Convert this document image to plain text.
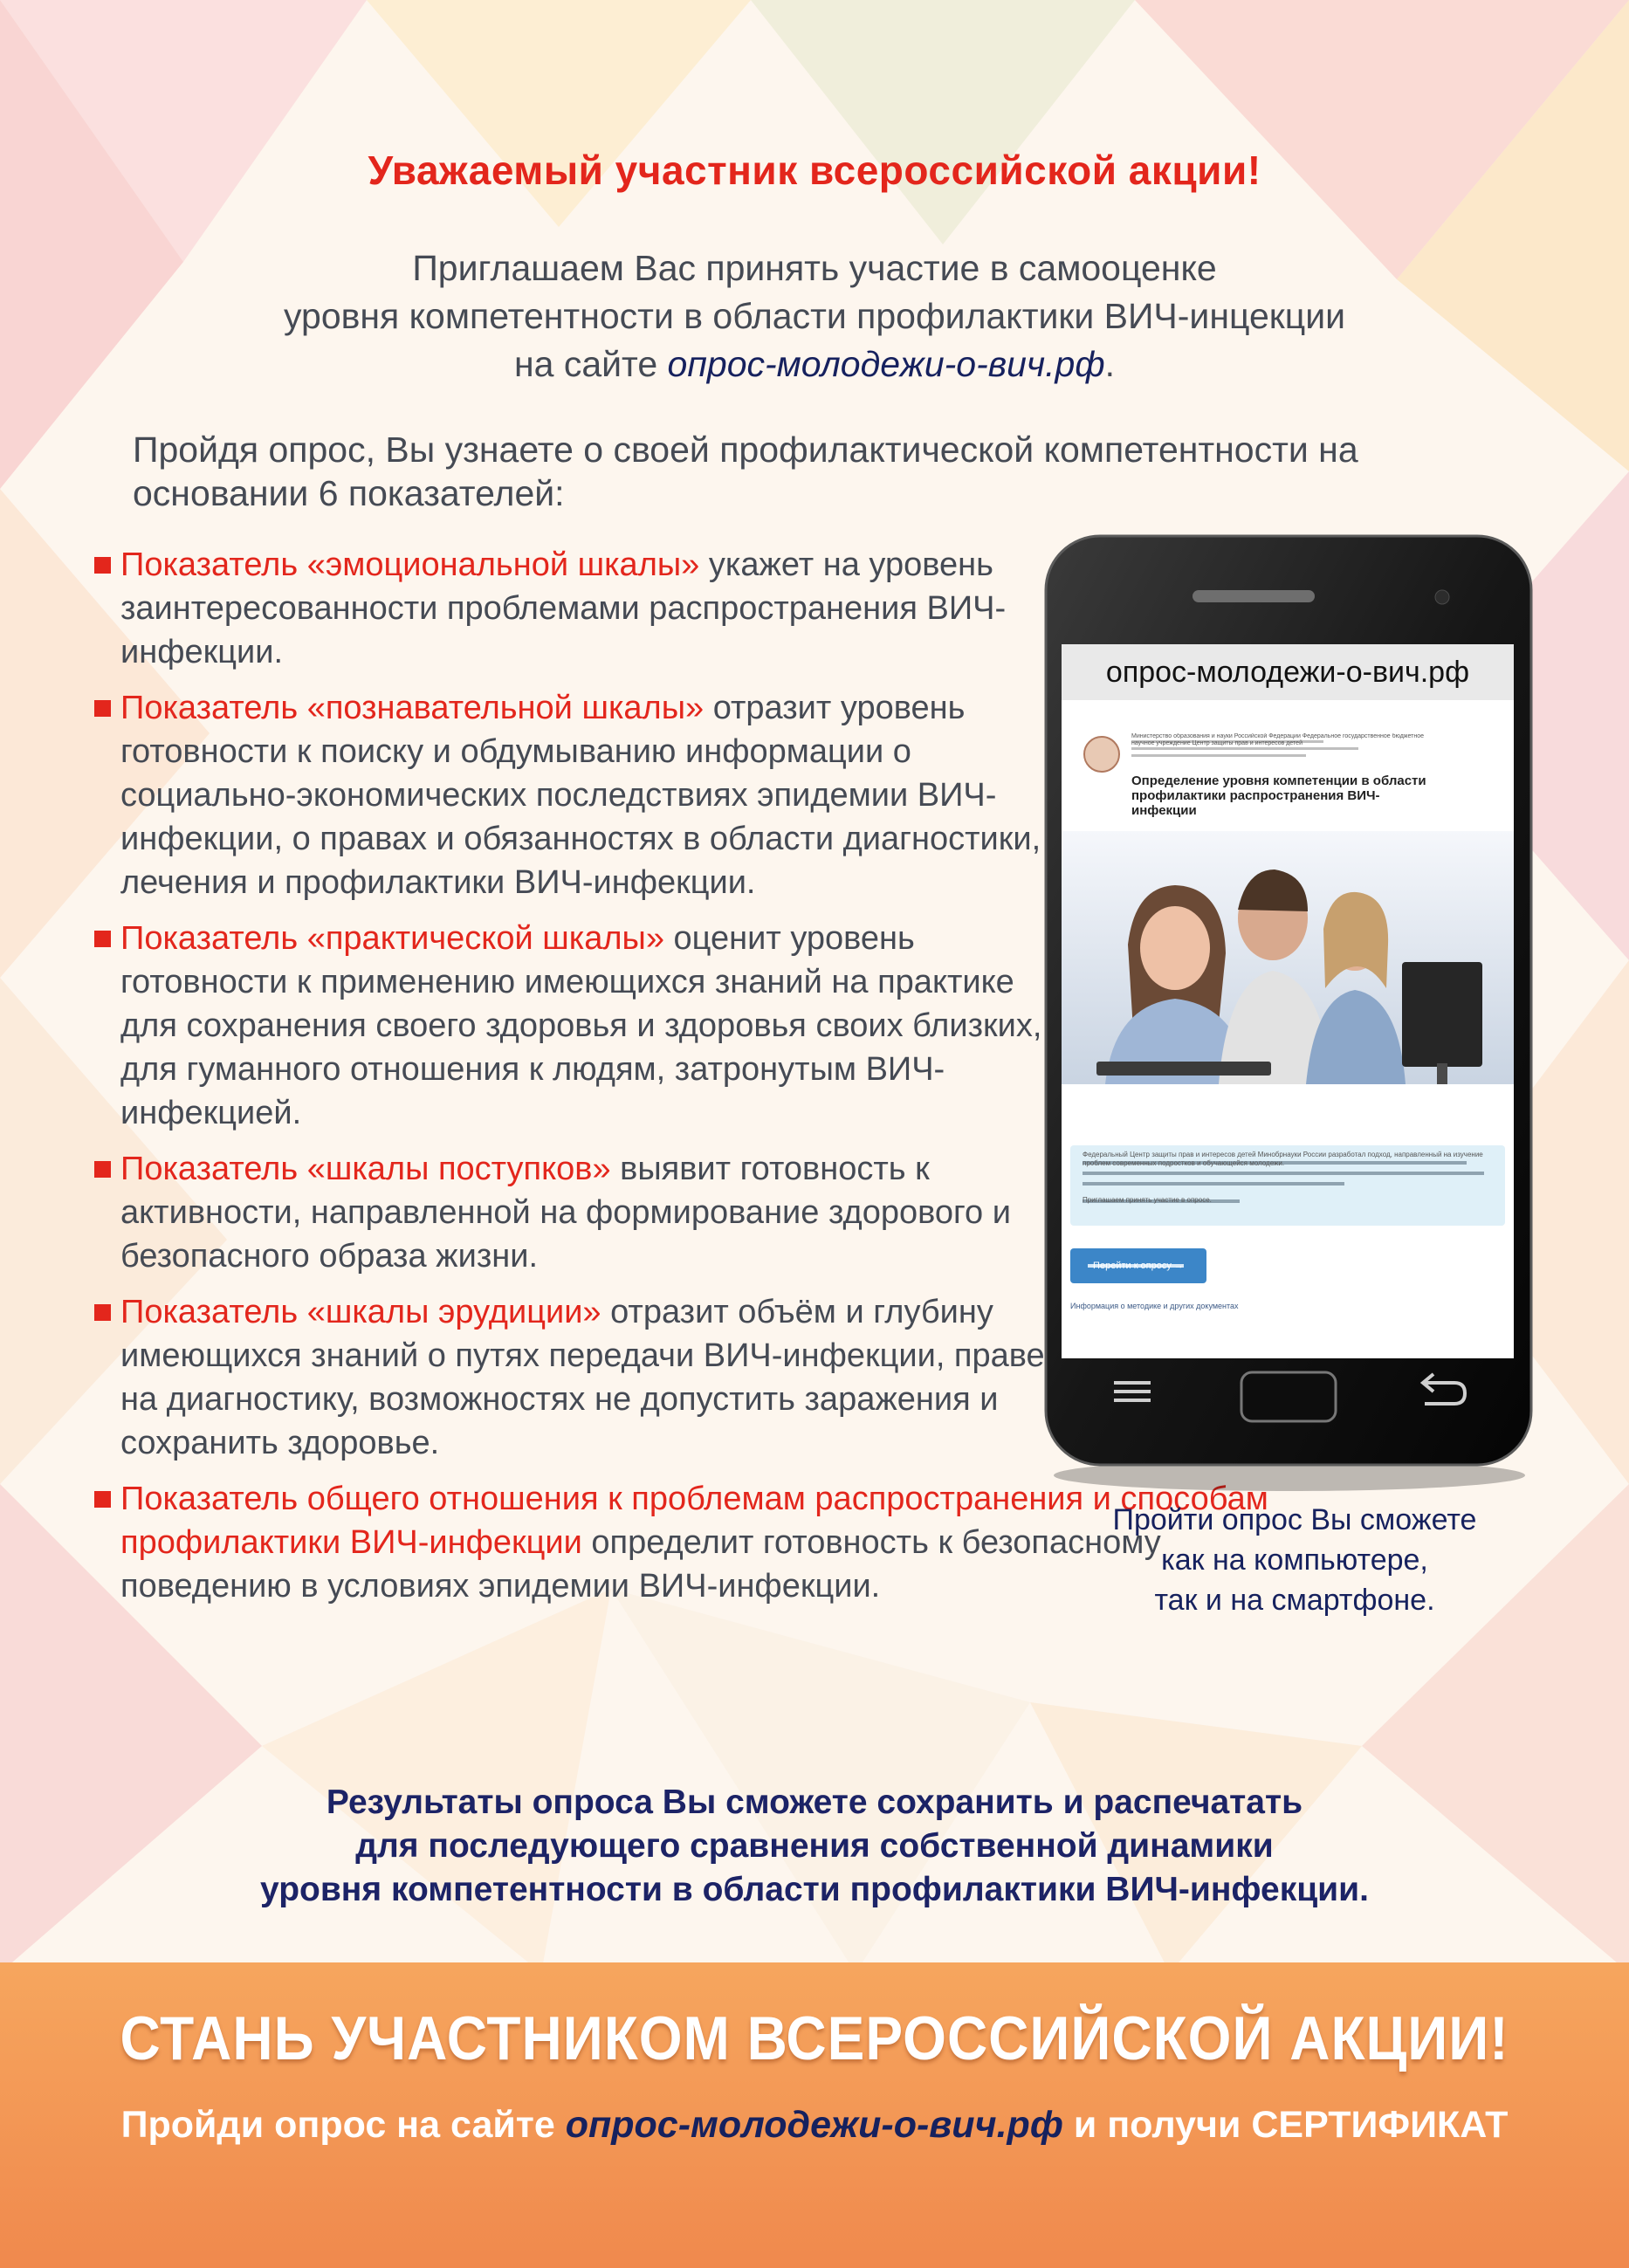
Уважаемый участник всероссийской акции!
Приглашаем Вас принять участие в самооценке
уровня компетентности в области профилактики ВИЧ-инцекции
на сайте опрос-молодежи-о-вич.рф.
Пройдя опрос, Вы узнаете о своей профилактической компетентности на основании 6 показателей:
Показатель «эмоциональной шкалы» укажет на уровень заинтересованности проблемами распространения ВИЧ-инфекции.
Показатель «познавательной шкалы» отразит уровень готовности к поиску и обдумыванию информации о социально-экономических последствиях эпидемии ВИЧ-инфекции, о правах и обязанностях в области диагностики, лечения и профилактики ВИЧ-инфекции.
Показатель «практической шкалы» оценит уровень готовности к применению имеющихся знаний на практике для сохранения своего здоровья и здоровья своих близких, для гуманного отношения к людям, затронутым ВИЧ-инфекцией.
Показатель «шкалы поступков» выявит готовность к активности, направленной на формирование здорового и безопасного образа жизни.
Показатель «шкалы эрудиции» отразит объём и глубину имеющихся знаний о путях передачи ВИЧ-инфекции, праве на диагностику, возможностях не допустить заражения и сохранить здоровье.
Показатель общего отношения к проблемам распространения и способам профилактики ВИЧ-инфекции определит готовность к безопасному поведению в условиях эпидемии ВИЧ-инфекции.
опрос-молодежи-о-вич.рф
Министерство образования и науки Российской Федерации Федеральное государственное бюджетное научное учреждение Центр защиты прав и интересов детей
Определение уровня компетенции в области профилактики распространения ВИЧ-инфекции
Федеральный Центр защиты прав и интересов детей Минобрнауки России разработал подход, направленный на изучение проблем современных подростков и обучающейся молодежи.
Приглашаем принять участие в опросе.
Перейти к опросу →
Информация о методике и других документах
Пройти опрос Вы сможете
как на компьютере,
так и на смартфоне.
Результаты опроса Вы сможете сохранить и распечатать
для последующего сравнения собственной динамики
уровня компетентности в области профилактики ВИЧ-инфекции.
СТАНЬ УЧАСТНИКОМ ВСЕРОССИЙСКОЙ АКЦИИ!
Пройди опрос на сайте опрос-молодежи-о-вич.рф и получи СЕРТИФИКАТ
